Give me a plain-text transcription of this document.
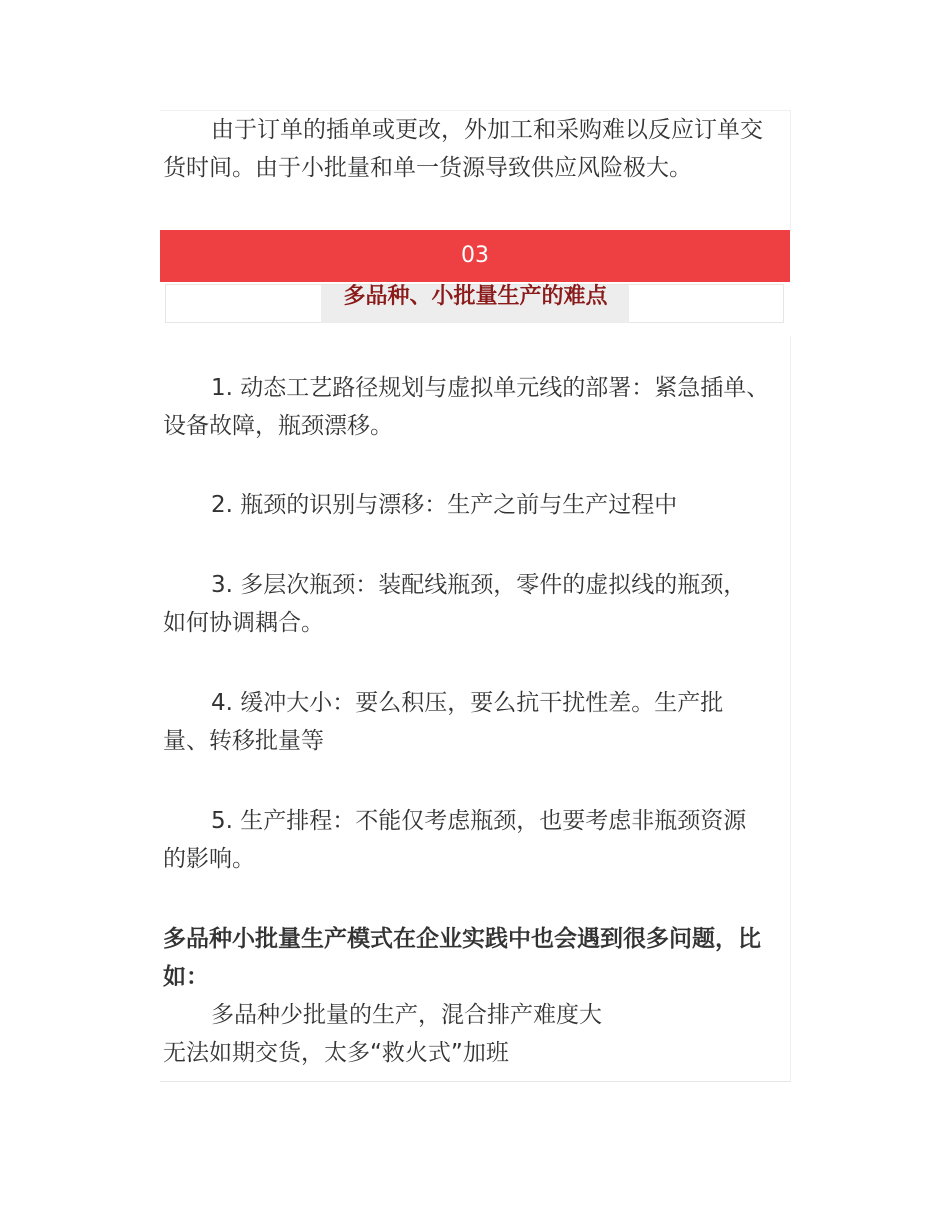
由于订单的插单或更改，外加工和采购难以反应订单交
货时间。由于小批量和单一货源导致供应风险极大。

03
多品种、小批量生产的难点

1. 动态工艺路径规划与虚拟单元线的部署：紧急插单、
设备故障，瓶颈漂移。

2. 瓶颈的识别与漂移：生产之前与生产过程中

3. 多层次瓶颈：装配线瓶颈，零件的虚拟线的瓶颈，
如何协调耦合。

4. 缓冲大小：要么积压，要么抗干扰性差。生产批
量、转移批量等

5. 生产排程：不能仅考虑瓶颈，也要考虑非瓶颈资源
的影响。

多品种小批量生产模式在企业实践中也会遇到很多问题，比
如：

多品种少批量的生产，混合排产难度大
无法如期交货，太多“救火式”加班
